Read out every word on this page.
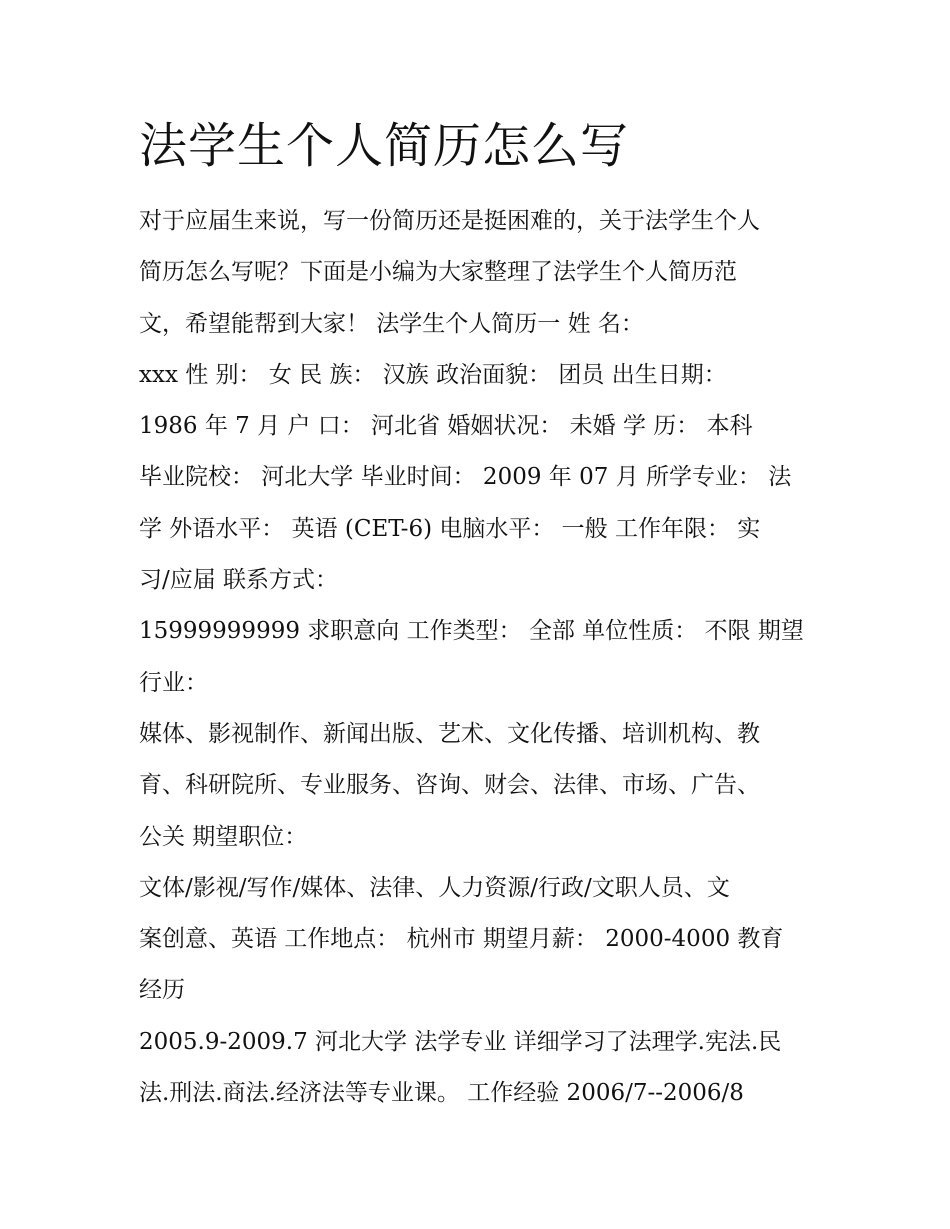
法学生个人简历怎么写

对于应届生来说，写一份简历还是挺困难的，关于法学生个人

简历怎么写呢？下面是小编为大家整理了法学生个人简历范

文，希望能帮到大家！ 法学生个人简历一 姓 名：

xxx 性 别： 女 民 族： 汉族 政治面貌： 团员 出生日期：

1986 年 7 月 户 口： 河北省 婚姻状况： 未婚 学 历： 本科

毕业院校： 河北大学 毕业时间： 2009 年 07 月 所学专业： 法

学 外语水平： 英语 (CET-6) 电脑水平： 一般 工作年限： 实

习/应届 联系方式：

15999999999 求职意向 工作类型： 全部 单位性质： 不限 期望

行业：

媒体、影视制作、新闻出版、艺术、文化传播、培训机构、教

育、科研院所、专业服务、咨询、财会、法律、市场、广告、

公关 期望职位：

文体/影视/写作/媒体、法律、人力资源/行政/文职人员、文

案创意、英语 工作地点： 杭州市 期望月薪： 2000-4000 教育

经历

2005.9-2009.7 河北大学 法学专业 详细学习了法理学.宪法.民

法.刑法.商法.经济法等专业课。 工作经验 2006/7--2006/8
